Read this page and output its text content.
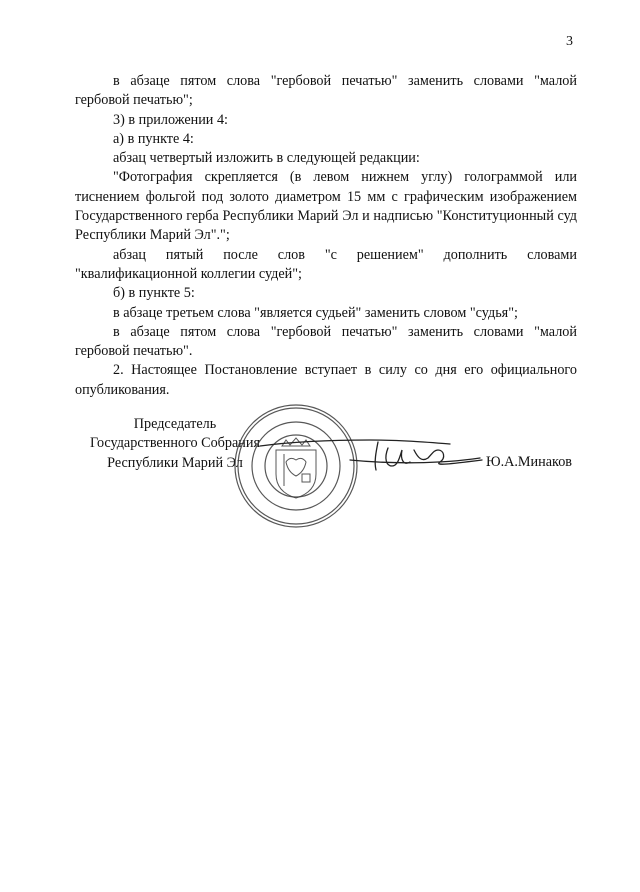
3

в абзаце пятом слова "гербовой печатью" заменить словами "малой гербовой печатью";

3) в приложении 4:

а) в пункте 4:

абзац четвертый изложить в следующей редакции:

"Фотография скрепляется (в левом нижнем углу) голограммой или тиснением фольгой под золото диаметром 15 мм с графическим изображением Государственного герба Республики Марий Эл и надписью "Конституционный суд Республики Марий Эл".";

абзац пятый после слов "с решением" дополнить словами "квалификационной коллегии судей";

б) в пункте 5:

в абзаце третьем слова "является судьей" заменить словом "судья";

в абзаце пятом слова "гербовой печатью" заменить словами "малой гербовой печатью".

2. Настоящее Постановление вступает в силу со дня его официального опубликования.

Председатель
Государственного Собрания
Республики Марий Эл	Ю.А.Минаков
